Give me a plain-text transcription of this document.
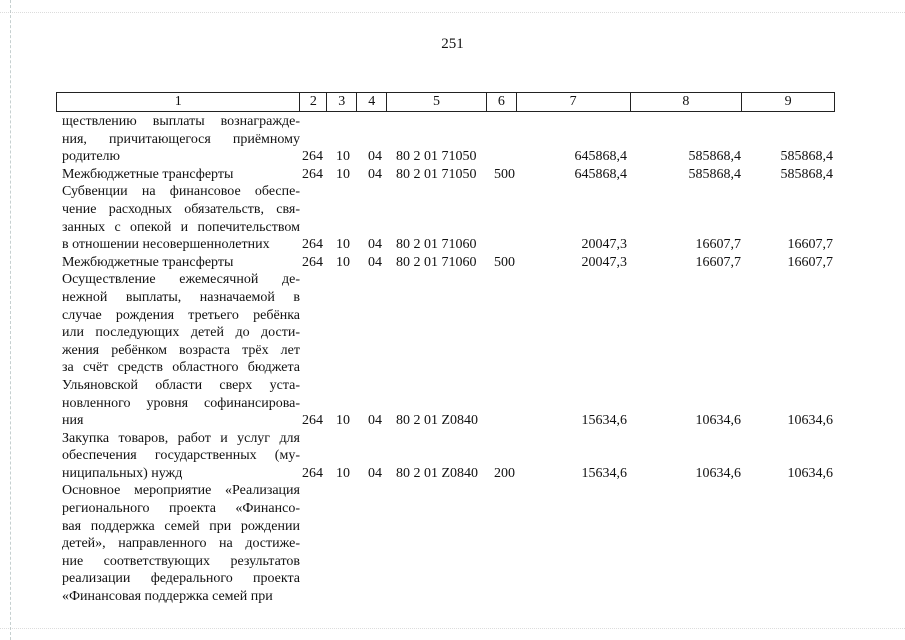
251
1	2	3	4	5	6	7	8	9
ществлению выплаты вознагражде-
ния, причитающегося приёмному
родителю	264 10 04 80 2 01 71050	645868,4	585868,4	585868,4
Межбюджетные трансферты	264 10 04 80 2 01 71050 500	645868,4	585868,4	585868,4
Субвенции на финансовое обеспе-
чение расходных обязательств, свя-
занных с опекой и попечительством
в отношении несовершеннолетних	264 10 04 80 2 01 71060	20047,3	16607,7	16607,7
Межбюджетные трансферты	264 10 04 80 2 01 71060 500	20047,3	16607,7	16607,7
Осуществление ежемесячной де-
нежной выплаты, назначаемой в
случае рождения третьего ребёнка
или последующих детей до дости-
жения ребёнком возраста трёх лет
за счёт средств областного бюджета
Ульяновской области сверх уста-
новленного уровня софинансирова-
ния	264 10 04 80 2 01 Z0840	15634,6	10634,6	10634,6
Закупка товаров, работ и услуг для
обеспечения государственных (му-
ниципальных) нужд	264 10 04 80 2 01 Z0840 200	15634,6	10634,6	10634,6
Основное мероприятие «Реализация
регионального проекта «Финансо-
вая поддержка семей при рождении
детей», направленного на достиже-
ние соответствующих результатов
реализации федерального проекта
«Финансовая поддержка семей при
